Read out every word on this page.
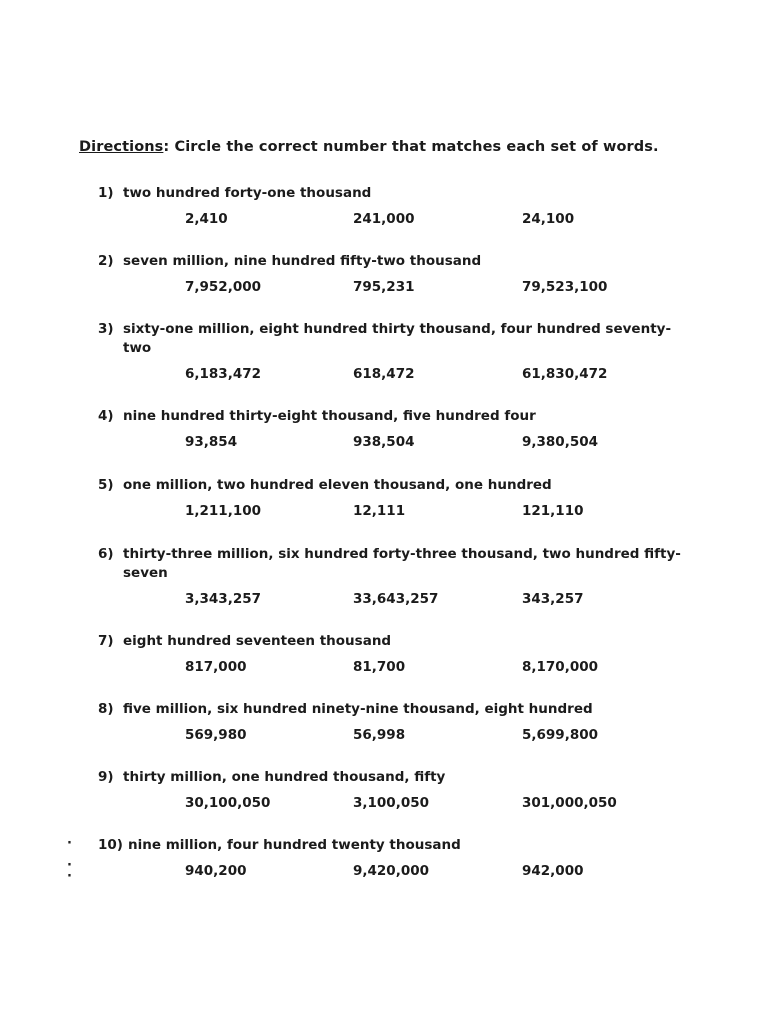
Directions: Circle the correct number that matches each set of words.
1) two hundred forty-one thousand
2,410	241,000	24,100
2) seven million, nine hundred fifty-two thousand
7,952,000	795,231	79,523,100
3) sixty-one million, eight hundred thirty thousand, four hundred seventy-two
6,183,472	618,472	61,830,472
4) nine hundred thirty-eight thousand, five hundred four
93,854	938,504	9,380,504
5) one million, two hundred eleven thousand, one hundred
1,211,100	12,111	121,110
6) thirty-three million, six hundred forty-three thousand, two hundred fifty-seven
3,343,257	33,643,257	343,257
7) eight hundred seventeen thousand
817,000	81,700	8,170,000
8) five million, six hundred ninety-nine thousand, eight hundred
569,980	56,998	5,699,800
9) thirty million, one hundred thousand, fifty
30,100,050	3,100,050	301,000,050
10) nine million, four hundred twenty thousand
940,200	9,420,000	942,000
·

·
·
